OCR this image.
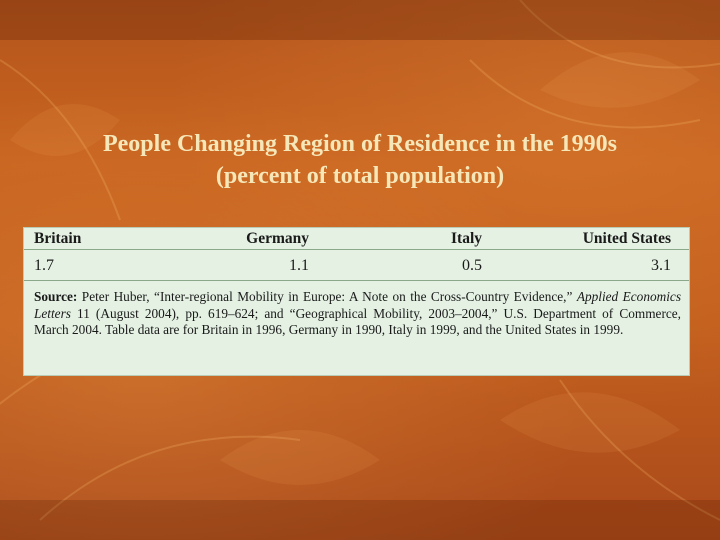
People Changing Region of Residence in the 1990s
(percent of total population)
Britain	Germany	Italy	United States
1.7	1.1	0.5	3.1
Source: Peter Huber, “Inter-regional Mobility in Europe: A Note on the Cross-Country Evidence,” Applied Economics Letters 11 (August 2004), pp. 619–624; and “Geographical Mobility, 2003–2004,” U.S. Department of Commerce, March 2004. Table data are for Britain in 1996, Germany in 1990, Italy in 1999, and the United States in 1999.
